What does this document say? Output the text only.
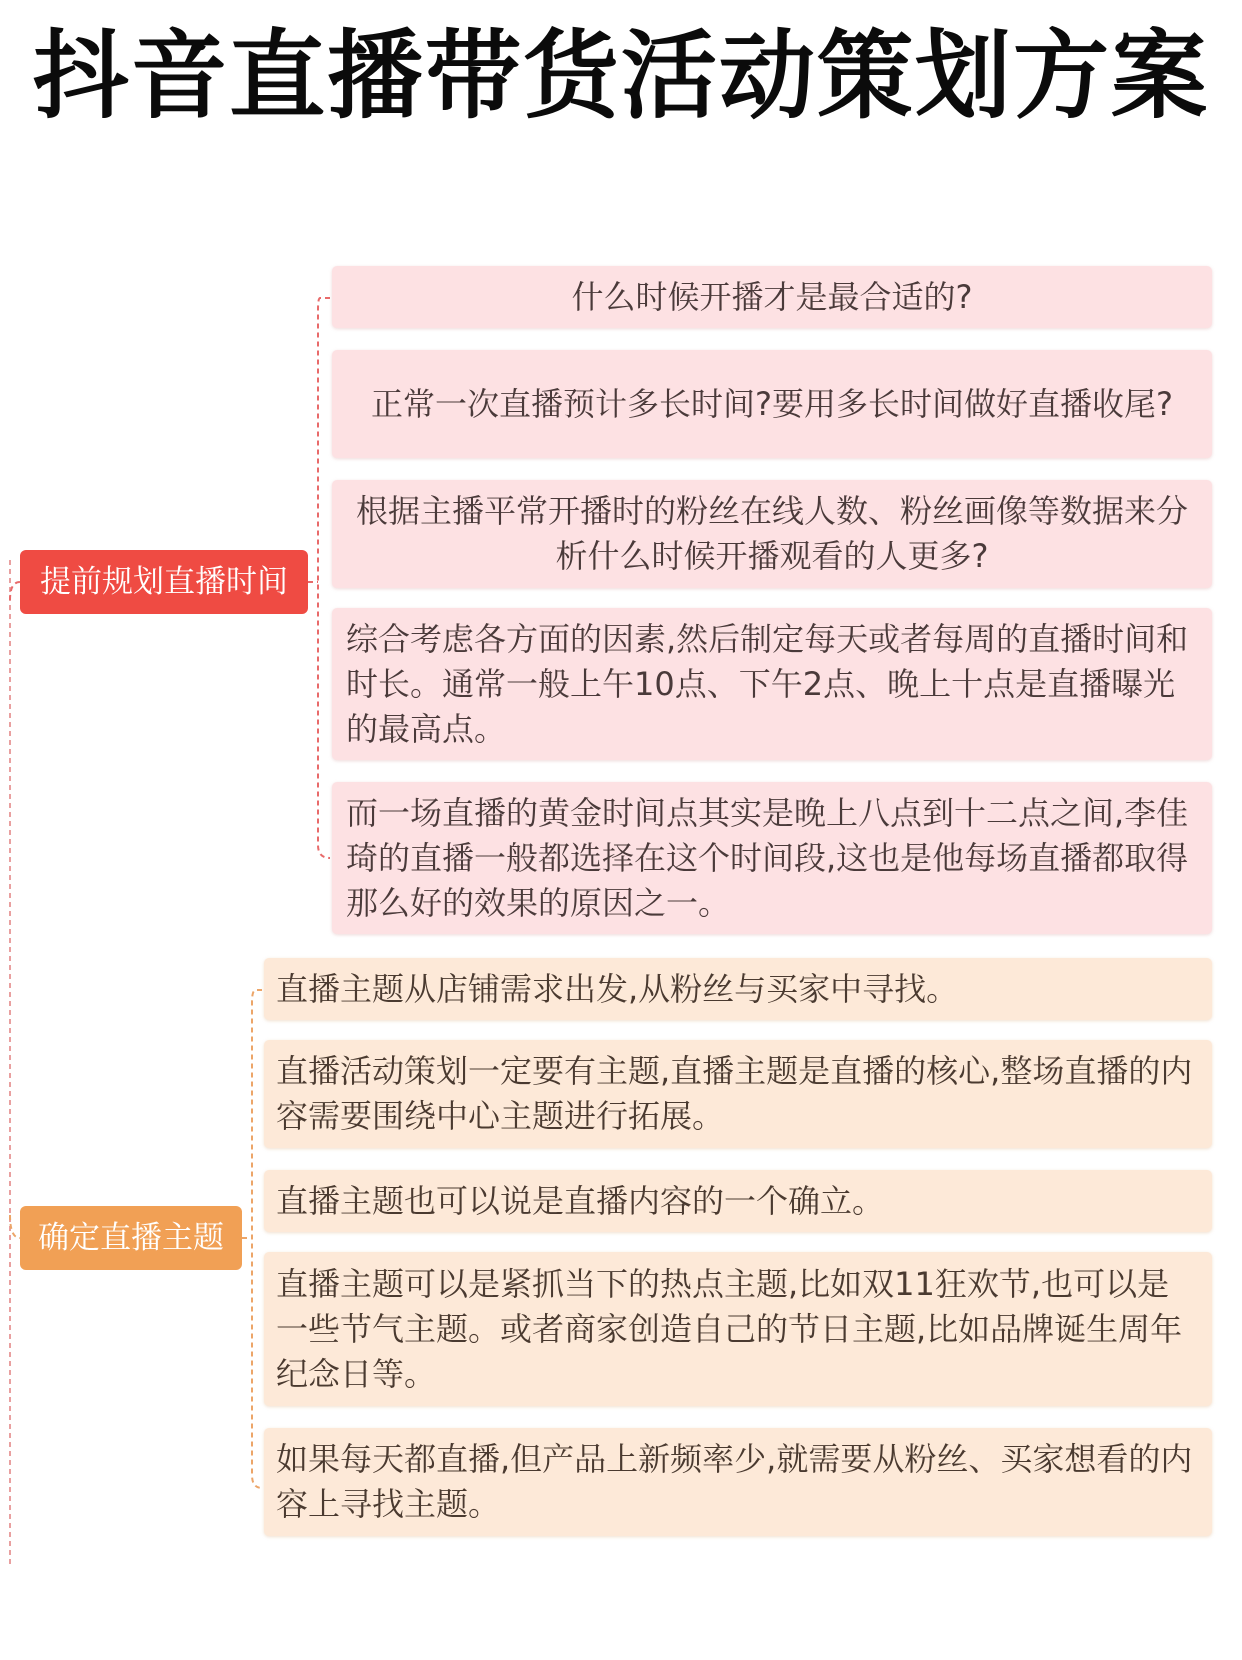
抖音直播带货活动策划方案
提前规划直播时间
什么时候开播才是最合适的?
正常一次直播预计多长时间?要用多长时间做好直播收尾?
根据主播平常开播时的粉丝在线人数、粉丝画像等数据来分析什么时候开播观看的人更多?
综合考虑各方面的因素,然后制定每天或者每周的直播时间和时长。通常一般上午10点、下午2点、晚上十点是直播曝光的最高点。
而一场直播的黄金时间点其实是晚上八点到十二点之间,李佳琦的直播一般都选择在这个时间段,这也是他每场直播都取得那么好的效果的原因之一。
确定直播主题
直播主题从店铺需求出发,从粉丝与买家中寻找。
直播活动策划一定要有主题,直播主题是直播的核心,整场直播的内容需要围绕中心主题进行拓展。
直播主题也可以说是直播内容的一个确立。
直播主题可以是紧抓当下的热点主题,比如双11狂欢节,也可以是一些节气主题。或者商家创造自己的节日主题,比如品牌诞生周年纪念日等。
如果每天都直播,但产品上新频率少,就需要从粉丝、买家想看的内容上寻找主题。
